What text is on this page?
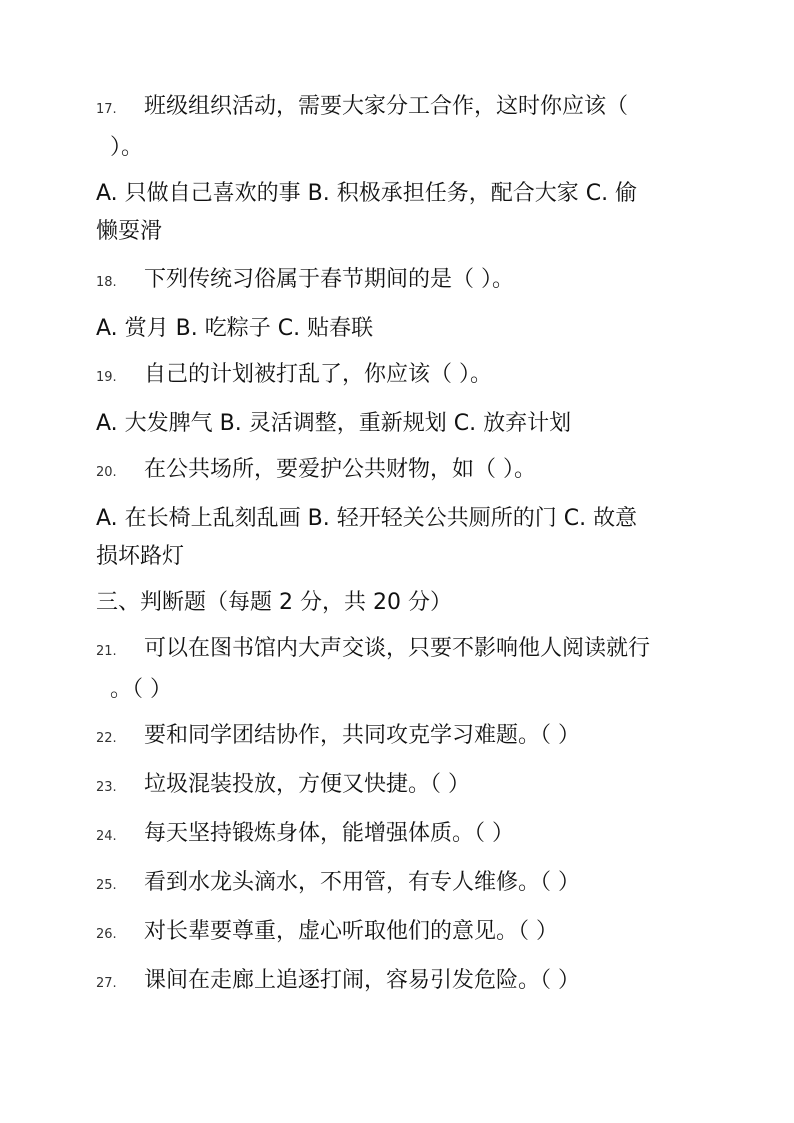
17.	班级组织活动，需要大家分工合作，这时你应该（
）。
A. 只做自己喜欢的事 B. 积极承担任务，配合大家 C. 偷
懒耍滑
18.	下列传统习俗属于春节期间的是（ ）。
A. 赏月 B. 吃粽子 C. 贴春联
19.	自己的计划被打乱了，你应该（ ）。
A. 大发脾气 B. 灵活调整，重新规划 C. 放弃计划
20.	在公共场所，要爱护公共财物，如（ ）。
A. 在长椅上乱刻乱画 B. 轻开轻关公共厕所的门 C. 故意
损坏路灯
三、判断题（每题 2 分，共 20 分）
21.	可以在图书馆内大声交谈，只要不影响他人阅读就行
。（ ）
22.	要和同学团结协作，共同攻克学习难题。（ ）
23.	垃圾混装投放，方便又快捷。（ ）
24.	每天坚持锻炼身体，能增强体质。（ ）
25.	看到水龙头滴水，不用管，有专人维修。（ ）
26.	对长辈要尊重，虚心听取他们的意见。（ ）
27.	课间在走廊上追逐打闹，容易引发危险。（ ）
